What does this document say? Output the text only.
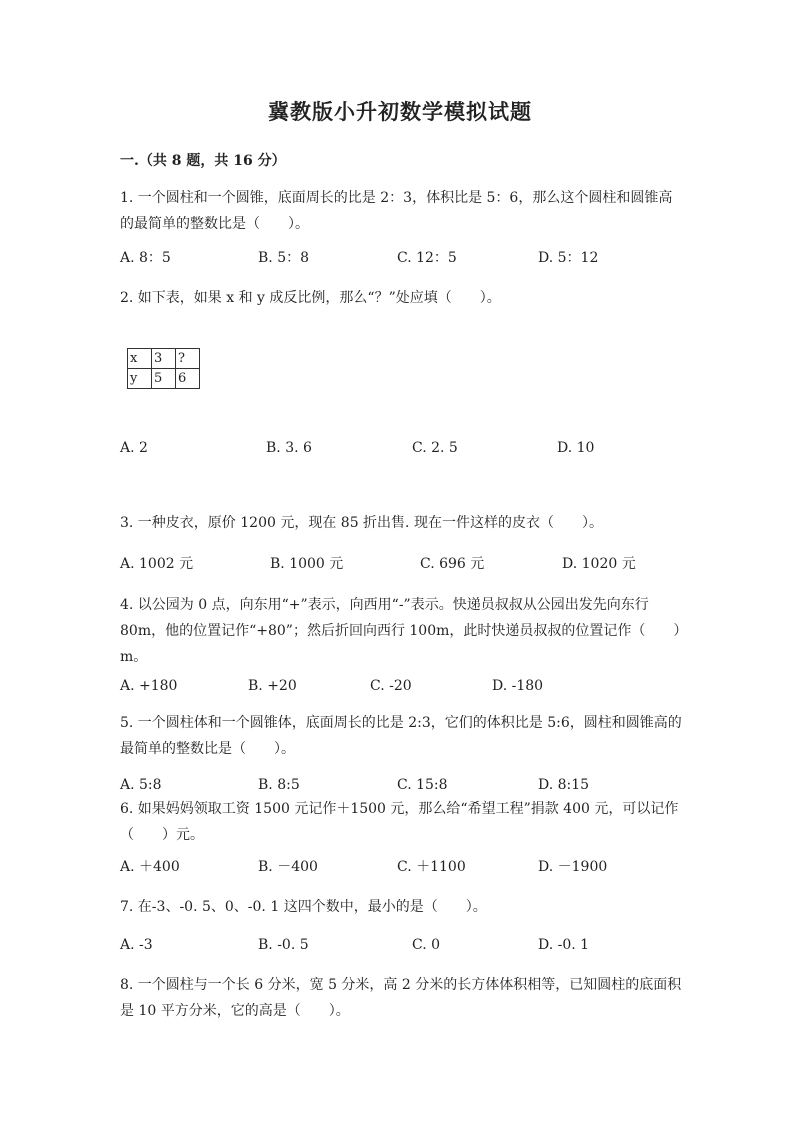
冀教版小升初数学模拟试题
一.（共 8 题，共 16 分）
1. 一个圆柱和一个圆锥，底面周长的比是 2：3，体积比是 5：6，那么这个圆柱和圆锥高的最简单的整数比是（　　）。
A. 8：5	B. 5：8	C. 12：5	D. 5：12
2. 如下表，如果 x 和 y 成反比例，那么“？”处应填（　　）。
x	3	?
y	5	6
A. 2	B. 3. 6	C. 2. 5	D. 10
3. 一种皮衣，原价 1200 元，现在 85 折出售. 现在一件这样的皮衣（　　）。
A. 1002 元	B. 1000 元	C. 696 元	D. 1020 元
4. 以公园为 0 点，向东用“+”表示，向西用“-”表示。快递员叔叔从公园出发先向东行 80m，他的位置记作“+80”；然后折回向西行 100m，此时快递员叔叔的位置记作（　　）m。
A. +180	B. +20	C. -20	D. -180
5. 一个圆柱体和一个圆锥体，底面周长的比是 2:3，它们的体积比是 5:6，圆柱和圆锥高的最简单的整数比是（　　）。
A. 5:8	B. 8:5	C. 15:8	D. 8:15
6. 如果妈妈领取工资 1500 元记作＋1500 元，那么给“希望工程”捐款 400 元，可以记作（　　）元。
A. ＋400	B. －400	C. ＋1100	D. －1900
7. 在-3、-0. 5、0、-0. 1 这四个数中，最小的是（　　）。
A. -3	B. -0. 5	C. 0	D. -0. 1
8. 一个圆柱与一个长 6 分米，宽 5 分米，高 2 分米的长方体体积相等，已知圆柱的底面积是 10 平方分米，它的高是（　　）。
